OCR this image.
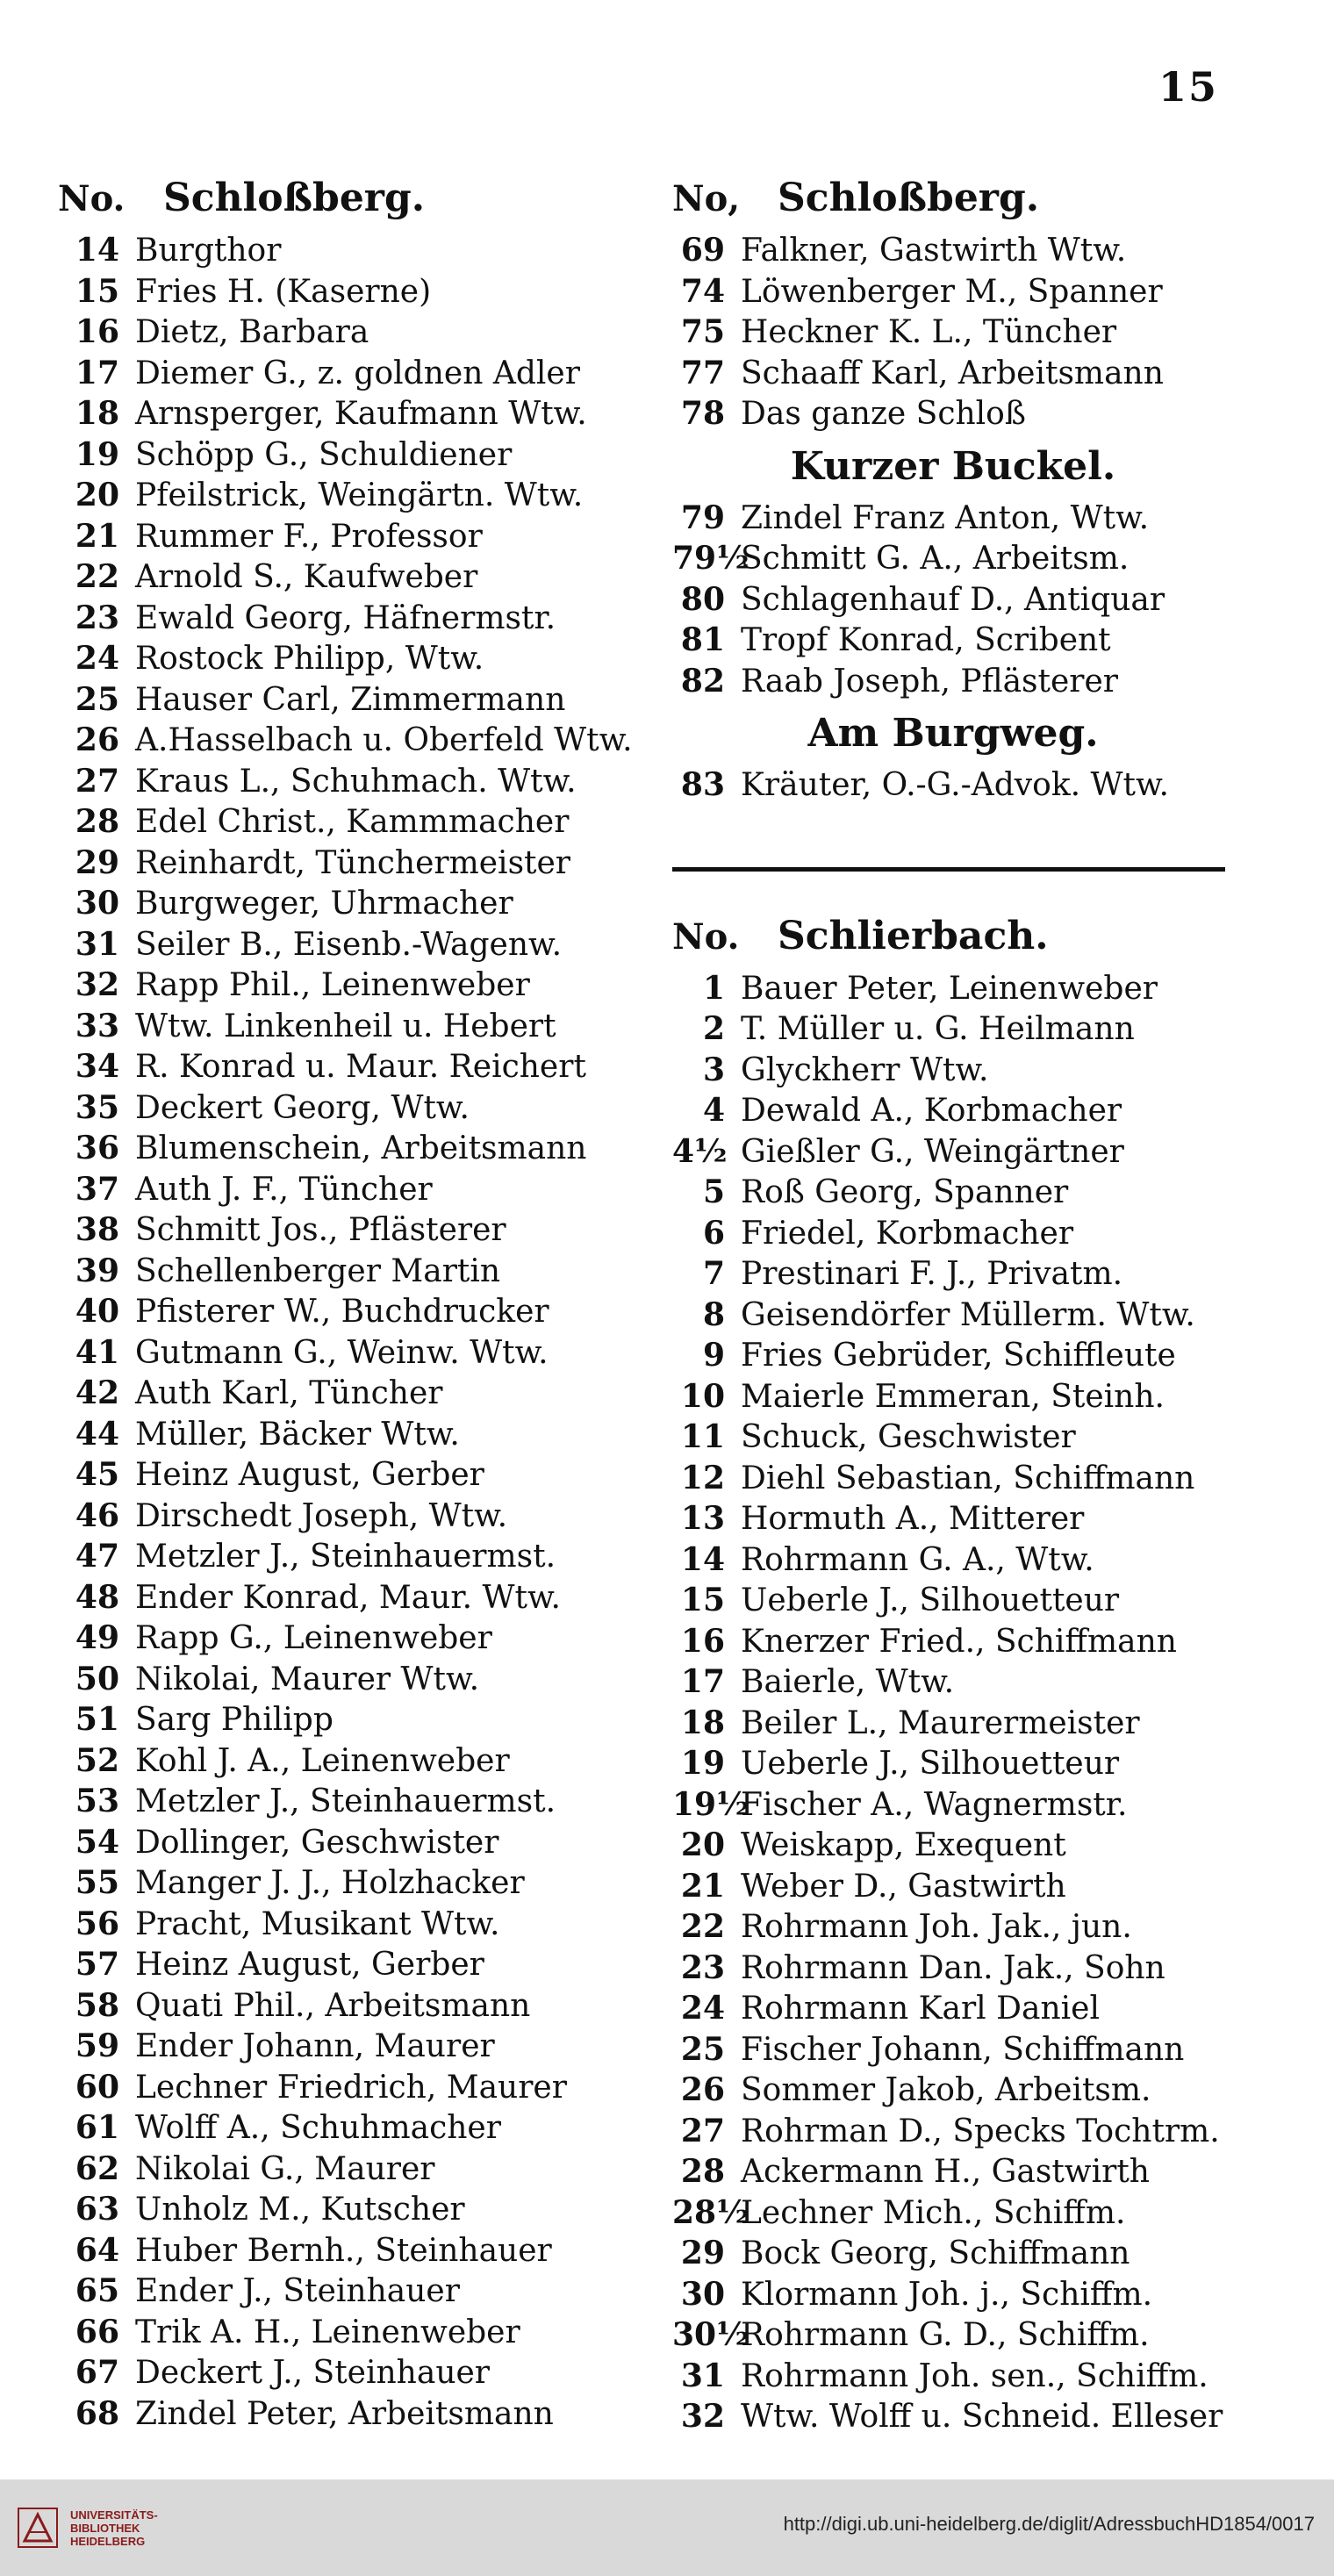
15
No. Schloßberg.
14 Burgthor
15 Fries H. (Kaserne)
16 Dietz, Barbara
17 Diemer G., z. goldnen Adler
18 Arnsperger, Kaufmann Wtw.
19 Schöpp G., Schuldiener
20 Pfeilstrick, Weingärtn. Wtw.
21 Rummer F., Professor
22 Arnold S., Kaufweber
23 Ewald Georg, Häfnermstr.
24 Rostock Philipp, Wtw.
25 Hauser Carl, Zimmermann
26 A.Hasselbach u. Oberfeld Wtw.
27 Kraus L., Schuhmach. Wtw.
28 Edel Christ., Kammmacher
29 Reinhardt, Tünchermeister
30 Burgweger, Uhrmacher
31 Seiler B., Eisenb.-Wagenw.
32 Rapp Phil., Leinenweber
33 Wtw. Linkenheil u. Hebert
34 R. Konrad u. Maur. Reichert
35 Deckert Georg, Wtw.
36 Blumenschein, Arbeitsmann
37 Auth J. F., Tüncher
38 Schmitt Jos., Pflästerer
39 Schellenberger Martin
40 Pfisterer W., Buchdrucker
41 Gutmann G., Weinw. Wtw.
42 Auth Karl, Tüncher
44 Müller, Bäcker Wtw.
45 Heinz August, Gerber
46 Dirschedt Joseph, Wtw.
47 Metzler J., Steinhauermst.
48 Ender Konrad, Maur. Wtw.
49 Rapp G., Leinenweber
50 Nikolai, Maurer Wtw.
51 Sarg Philipp
52 Kohl J. A., Leinenweber
53 Metzler J., Steinhauermst.
54 Dollinger, Geschwister
55 Manger J. J., Holzhacker
56 Pracht, Musikant Wtw.
57 Heinz August, Gerber
58 Quati Phil., Arbeitsmann
59 Ender Johann, Maurer
60 Lechner Friedrich, Maurer
61 Wolff A., Schuhmacher
62 Nikolai G., Maurer
63 Unholz M., Kutscher
64 Huber Bernh., Steinhauer
65 Ender J., Steinhauer
66 Trik A. H., Leinenweber
67 Deckert J., Steinhauer
68 Zindel Peter, Arbeitsmann
No, Schloßberg.
69 Falkner, Gastwirth Wtw.
74 Löwenberger M., Spanner
75 Heckner K. L., Tüncher
77 Schaaff Karl, Arbeitsmann
78 Das ganze Schloß
Kurzer Buckel.
79 Zindel Franz Anton, Wtw.
79½
Schmitt G. A., Arbeitsm.
80 Schlagenhauf D., Antiquar
81 Tropf Konrad, Scribent
82 Raab Joseph, Pflästerer
Am Burgweg.
83 Kräuter, O.-G.-Advok. Wtw.
No. Schlierbach.
1 Bauer Peter, Leinenweber
2 T. Müller u. G. Heilmann
3 Glyckherr Wtw.
4 Dewald A., Korbmacher
4½ Gießler G., Weingärtner
5 Roß Georg, Spanner
6 Friedel, Korbmacher
7 Prestinari F. J., Privatm.
8 Geisendörfer Müllerm. Wtw.
9 Fries Gebrüder, Schiffleute
10 Maierle Emmeran, Steinh.
11 Schuck, Geschwister
12 Diehl Sebastian, Schiffmann
13 Hormuth A., Mitterer
14 Rohrmann G. A., Wtw.
15 Ueberle J., Silhouetteur
16 Knerzer Fried., Schiffmann
17 Baierle, Wtw.
18 Beiler L., Maurermeister
19 Ueberle J., Silhouetteur
19½
Fischer A., Wagnermstr.
20 Weiskapp, Exequent
21 Weber D., Gastwirth
22 Rohrmann Joh. Jak., jun.
23 Rohrmann Dan. Jak., Sohn
24 Rohrmann Karl Daniel
25 Fischer Johann, Schiffmann
26 Sommer Jakob, Arbeitsm.
27 Rohrman D., Specks Tochtrm.
28 Ackermann H., Gastwirth
28½
Lechner Mich., Schiffm.
29 Bock Georg, Schiffmann
30 Klormann Joh. j., Schiffm.
30½
Rohrmann G. D., Schiffm.
31 Rohrmann Joh. sen., Schiffm.
32 Wtw. Wolff u. Schneid. Elleser
UNIVERSITÄTS-
BIBLIOTHEK
HEIDELBERG
http://digi.ub.uni-heidelberg.de/diglit/AdressbuchHD1854/0017
